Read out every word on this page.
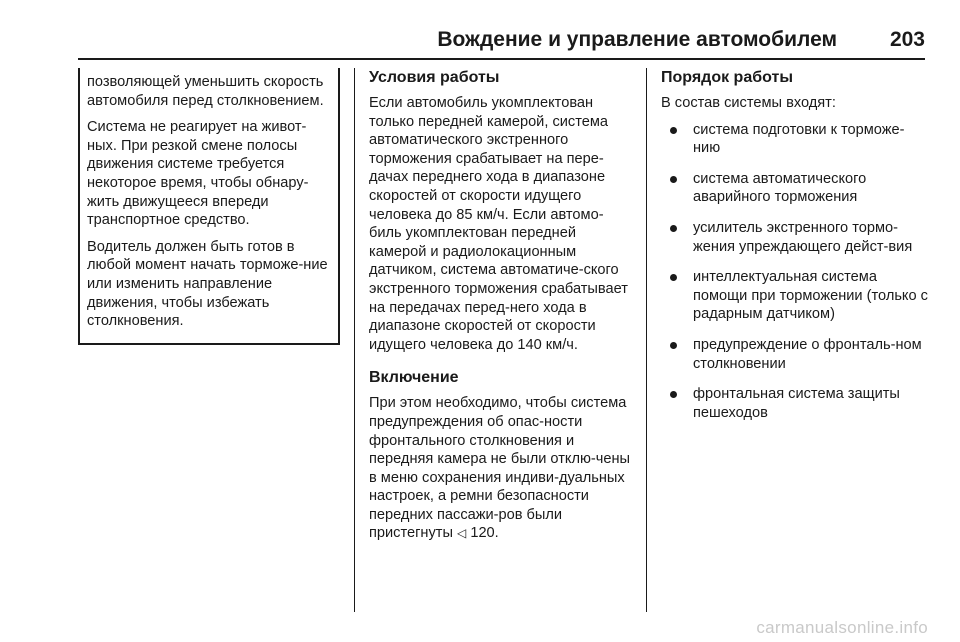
Вождение и управление автомобилем	203

позволяющей уменьшить скорость автомобиля перед столкновением.

Система не реагирует на живот-ных. При резкой смене полосы движения системе требуется некоторое время, чтобы обнару-жить движущееся впереди транспортное средство.

Водитель должен быть готов в любой момент начать торможе-ние или изменить направление движения, чтобы избежать столкновения.

Условия работы

Если автомобиль укомплектован только передней камерой, система автоматического экстренного торможения срабатывает на пере-дачах переднего хода в диапазоне скоростей от скорости идущего человека до 85 км/ч. Если автомо-биль укомплектован передней камерой и радиолокационным датчиком, система автоматиче-ского экстренного торможения срабатывает на передачах перед-него хода в диапазоне скоростей от скорости идущего человека до 140 км/ч.

Включение

При этом необходимо, чтобы система предупреждения об опас-ности фронтального столкновения и передняя камера не были отклю-чены в меню сохранения индиви-дуальных настроек, а ремни безопасности передних пассажи-ров были пристегнуты ◁ 120.

Порядок работы

В состав системы входят:

система подготовки к торможе-нию
система автоматического аварийного торможения
усилитель экстренного тормо-жения упреждающего дейст-вия
интеллектуальная система помощи при торможении (только с радарным датчиком)
предупреждение о фронталь-ном столкновении
фронтальная система защиты пешеходов
carmanualsonline.info
